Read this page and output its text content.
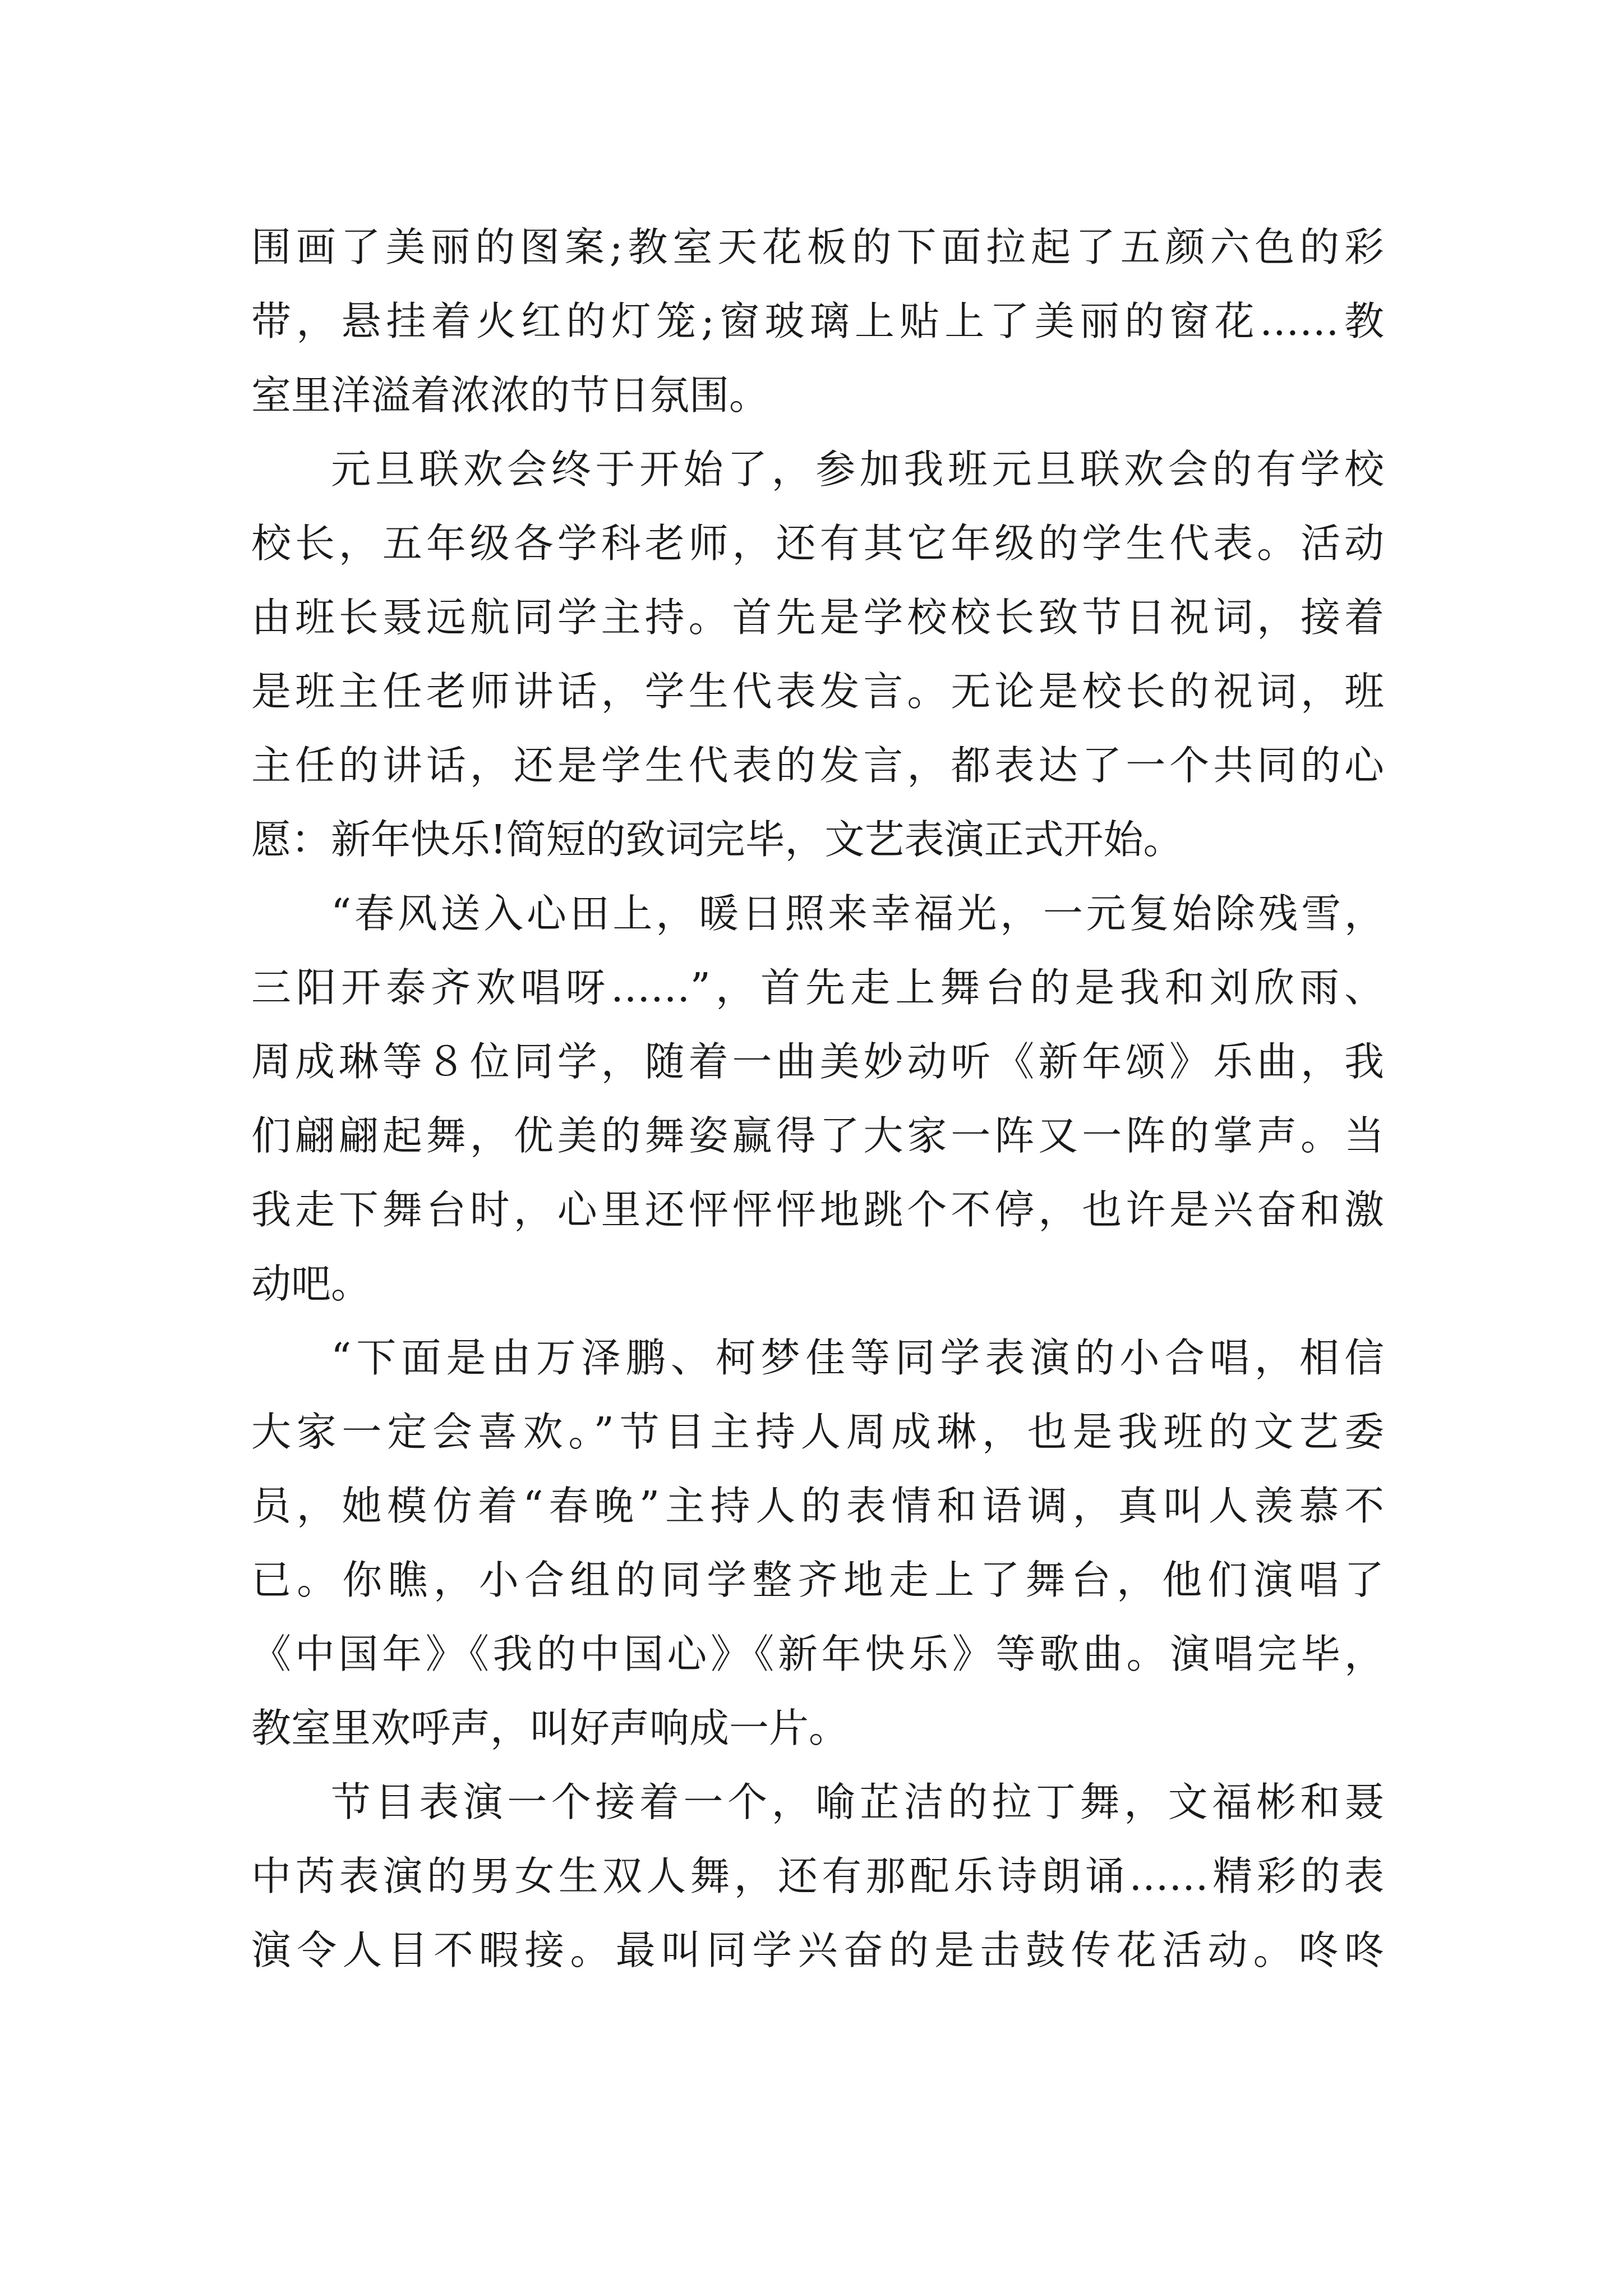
围画了美丽的图案;教室天花板的下面拉起了五颜六色的彩
带，悬挂着火红的灯笼;窗玻璃上贴上了美丽的窗花……教
室里洋溢着浓浓的节日氛围。
元旦联欢会终于开始了，参加我班元旦联欢会的有学校
校长，五年级各学科老师，还有其它年级的学生代表。活动
由班长聂远航同学主持。首先是学校校长致节日祝词，接着
是班主任老师讲话，学生代表发言。无论是校长的祝词，班
主任的讲话，还是学生代表的发言，都表达了一个共同的心
愿：新年快乐!简短的致词完毕，文艺表演正式开始。
“春风送入心田上，暖日照来幸福光，一元复始除残雪，
三阳开泰齐欢唱呀……”，首先走上舞台的是我和刘欣雨、
周成琳等８位同学，随着一曲美妙动听《新年颂》乐曲，我
们翩翩起舞，优美的舞姿赢得了大家一阵又一阵的掌声。当
我走下舞台时，心里还怦怦怦地跳个不停，也许是兴奋和激
动吧。
“下面是由万泽鹏、柯梦佳等同学表演的小合唱，相信
大家一定会喜欢。”节目主持人周成琳，也是我班的文艺委
员，她模仿着“春晚”主持人的表情和语调，真叫人羡慕不
已。你瞧，小合组的同学整齐地走上了舞台，他们演唱了
《中国年》《我的中国心》《新年快乐》等歌曲。演唱完毕，
教室里欢呼声，叫好声响成一片。
节目表演一个接着一个，喻芷洁的拉丁舞，文福彬和聂
中芮表演的男女生双人舞，还有那配乐诗朗诵……精彩的表
演令人目不暇接。最叫同学兴奋的是击鼓传花活动。咚咚
